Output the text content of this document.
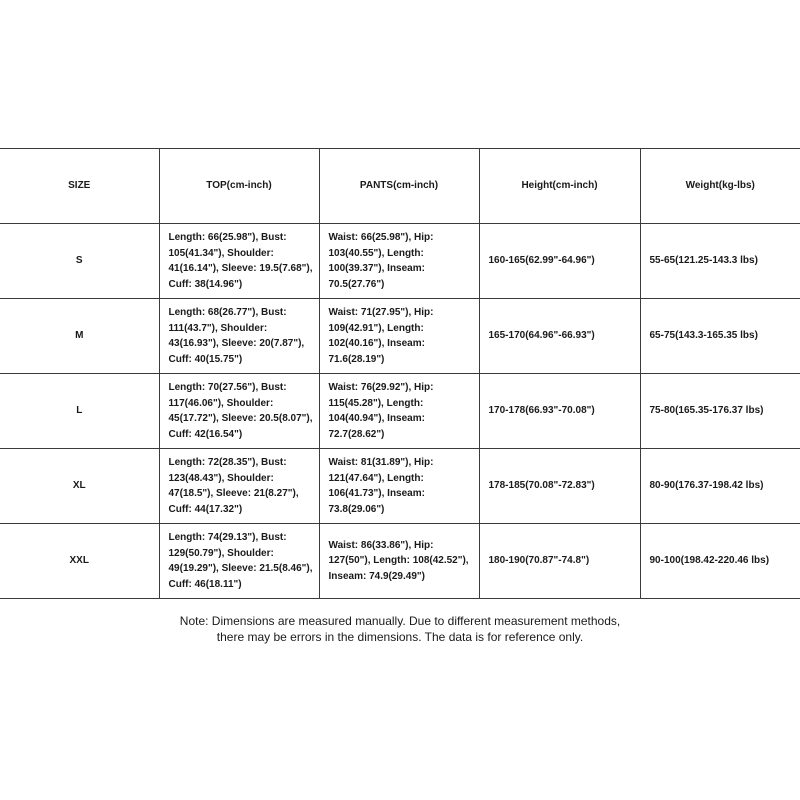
SIZE	TOP(cm-inch)	PANTS(cm-inch)	Height(cm-inch)	Weight(kg-lbs)
S	Length: 66(25.98"), Bust: 105(41.34"), Shoulder: 41(16.14"), Sleeve: 19.5(7.68"), Cuff: 38(14.96")	Waist: 66(25.98"), Hip: 103(40.55"), Length: 100(39.37"), Inseam: 70.5(27.76")	160-165(62.99"-64.96")	55-65(121.25-143.3 lbs)
M	Length: 68(26.77"), Bust: 111(43.7"), Shoulder: 43(16.93"), Sleeve: 20(7.87"), Cuff: 40(15.75")	Waist: 71(27.95"), Hip: 109(42.91"), Length: 102(40.16"), Inseam: 71.6(28.19")	165-170(64.96"-66.93")	65-75(143.3-165.35 lbs)
L	Length: 70(27.56"), Bust: 117(46.06"), Shoulder: 45(17.72"), Sleeve: 20.5(8.07"), Cuff: 42(16.54")	Waist: 76(29.92"), Hip: 115(45.28"), Length: 104(40.94"), Inseam: 72.7(28.62")	170-178(66.93"-70.08")	75-80(165.35-176.37 lbs)
XL	Length: 72(28.35"), Bust: 123(48.43"), Shoulder: 47(18.5"), Sleeve: 21(8.27"), Cuff: 44(17.32")	Waist: 81(31.89"), Hip: 121(47.64"), Length: 106(41.73"), Inseam: 73.8(29.06")	178-185(70.08"-72.83")	80-90(176.37-198.42 lbs)
XXL	Length: 74(29.13"), Bust: 129(50.79"), Shoulder: 49(19.29"), Sleeve: 21.5(8.46"), Cuff: 46(18.11")	Waist: 86(33.86"), Hip: 127(50"), Length: 108(42.52"), Inseam: 74.9(29.49")	180-190(70.87"-74.8")	90-100(198.42-220.46 lbs)
Note: Dimensions are measured manually. Due to different measurement methods,
there may be errors in the dimensions. The data is for reference only.
